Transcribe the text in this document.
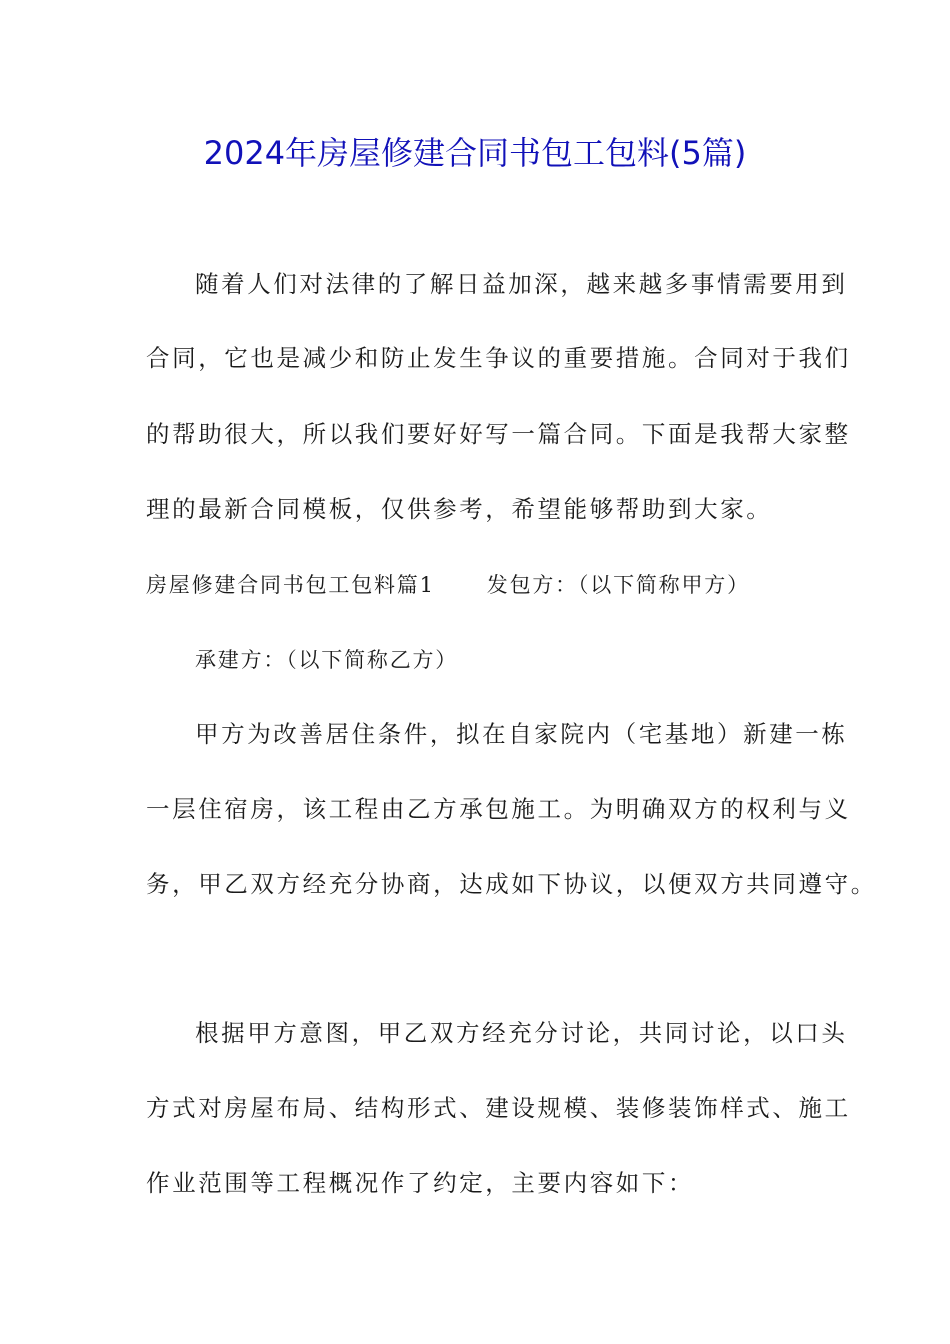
2024年房屋修建合同书包工包料(5篇)
随着人们对法律的了解日益加深，越来越多事情需要用到
合同，它也是减少和防止发生争议的重要措施。合同对于我们
的帮助很大，所以我们要好好写一篇合同。下面是我帮大家整
理的最新合同模板，仅供参考，希望能够帮助到大家。
房屋修建合同书包工包料篇1 发包方：（以下简称甲方）
承建方：（以下简称乙方）
甲方为改善居住条件，拟在自家院内（宅基地）新建一栋
一层住宿房，该工程由乙方承包施工。为明确双方的权利与义
务，甲乙双方经充分协商，达成如下协议，以便双方共同遵守。
根据甲方意图，甲乙双方经充分讨论，共同讨论，以口头
方式对房屋布局、结构形式、建设规模、装修装饰样式、施工
作业范围等工程概况作了约定，主要内容如下：
